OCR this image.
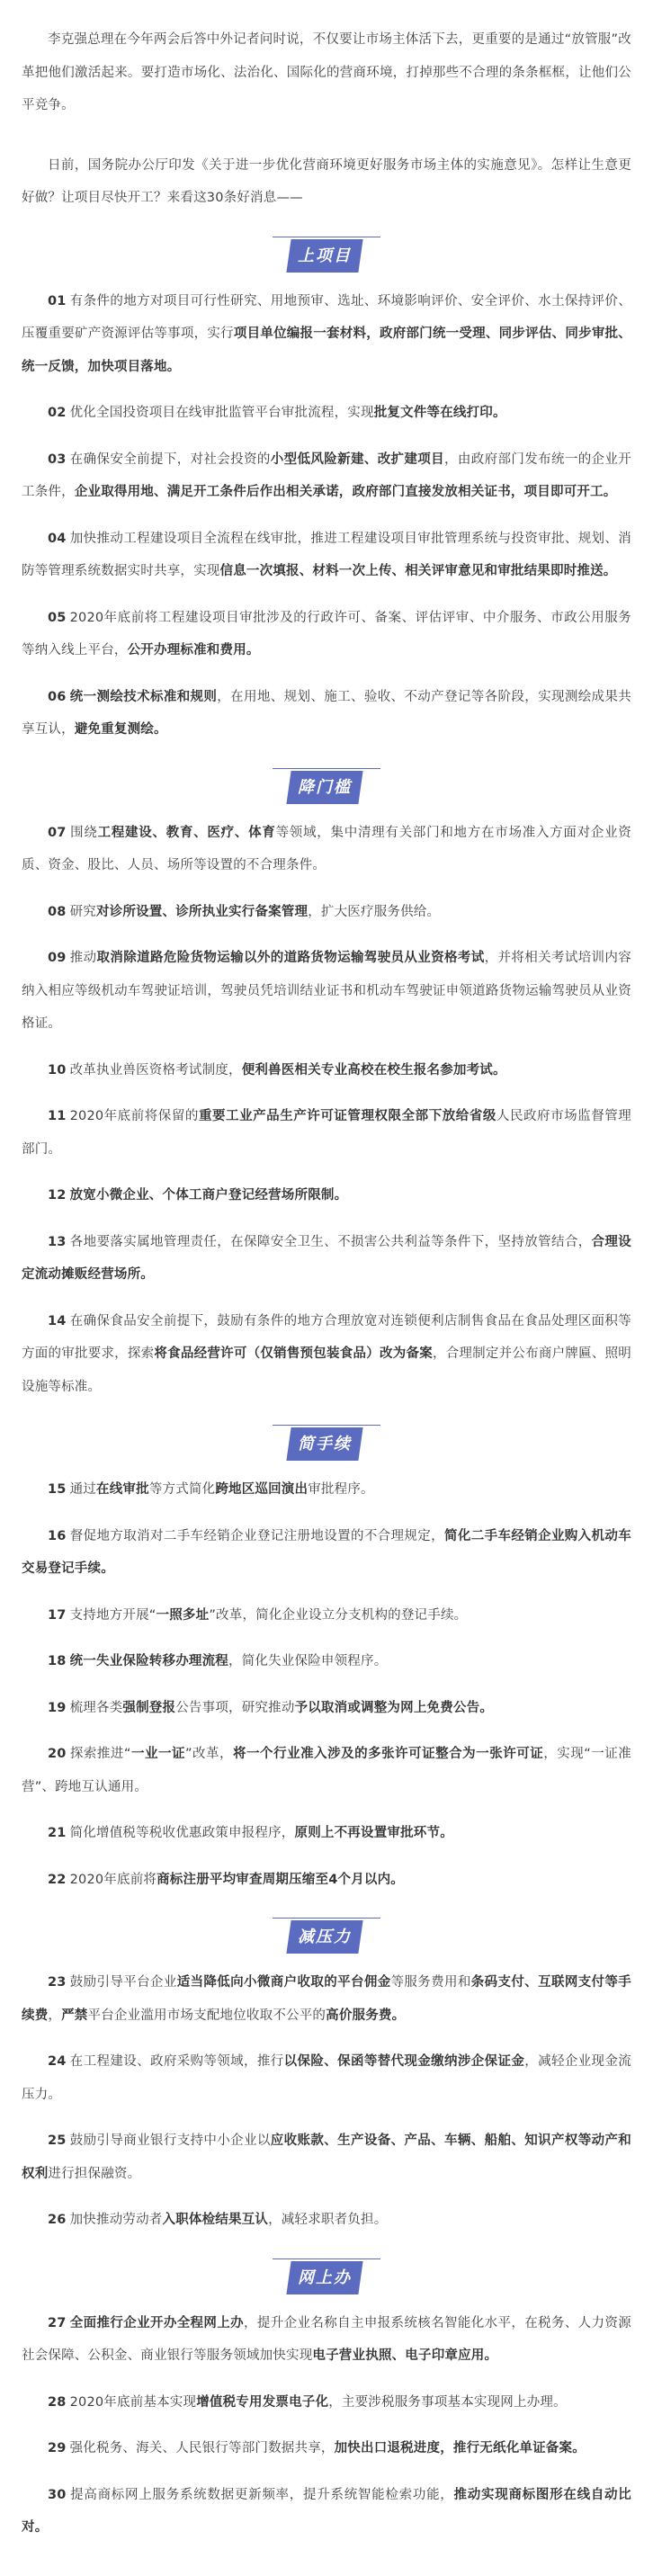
李克强总理在今年两会后答中外记者问时说，不仅要让市场主体活下去，更重要的是通过“放管服”改革把他们激活起来。要打造市场化、法治化、国际化的营商环境，打掉那些不合理的条条框框，让他们公平竞争。

日前，国务院办公厅印发《关于进一步优化营商环境更好服务市场主体的实施意见》。怎样让生意更好做？让项目尽快开工？来看这30条好消息——

上项目

01 有条件的地方对项目可行性研究、用地预审、选址、环境影响评价、安全评价、水土保持评价、压覆重要矿产资源评估等事项，实行项目单位编报一套材料，政府部门统一受理、同步评估、同步审批、统一反馈，加快项目落地。

02 优化全国投资项目在线审批监管平台审批流程，实现批复文件等在线打印。

03 在确保安全前提下，对社会投资的小型低风险新建、改扩建项目，由政府部门发布统一的企业开工条件，企业取得用地、满足开工条件后作出相关承诺，政府部门直接发放相关证书，项目即可开工。

04 加快推动工程建设项目全流程在线审批，推进工程建设项目审批管理系统与投资审批、规划、消防等管理系统数据实时共享，实现信息一次填报、材料一次上传、相关评审意见和审批结果即时推送。

05 2020年底前将工程建设项目审批涉及的行政许可、备案、评估评审、中介服务、市政公用服务等纳入线上平台，公开办理标准和费用。

06 统一测绘技术标准和规则，在用地、规划、施工、验收、不动产登记等各阶段，实现测绘成果共享互认，避免重复测绘。

降门槛

07 围绕工程建设、教育、医疗、体育等领域，集中清理有关部门和地方在市场准入方面对企业资质、资金、股比、人员、场所等设置的不合理条件。

08 研究对诊所设置、诊所执业实行备案管理，扩大医疗服务供给。

09 推动取消除道路危险货物运输以外的道路货物运输驾驶员从业资格考试，并将相关考试培训内容纳入相应等级机动车驾驶证培训，驾驶员凭培训结业证书和机动车驾驶证申领道路货物运输驾驶员从业资格证。

10 改革执业兽医资格考试制度，便利兽医相关专业高校在校生报名参加考试。

11 2020年底前将保留的重要工业产品生产许可证管理权限全部下放给省级人民政府市场监督管理部门。

12 放宽小微企业、个体工商户登记经营场所限制。

13 各地要落实属地管理责任，在保障安全卫生、不损害公共利益等条件下，坚持放管结合，合理设定流动摊贩经营场所。

14 在确保食品安全前提下，鼓励有条件的地方合理放宽对连锁便利店制售食品在食品处理区面积等方面的审批要求，探索将食品经营许可（仅销售预包装食品）改为备案，合理制定并公布商户牌匾、照明设施等标准。

简手续

15 通过在线审批等方式简化跨地区巡回演出审批程序。

16 督促地方取消对二手车经销企业登记注册地设置的不合理规定，简化二手车经销企业购入机动车交易登记手续。

17 支持地方开展“一照多址”改革，简化企业设立分支机构的登记手续。

18 统一失业保险转移办理流程，简化失业保险申领程序。

19 梳理各类强制登报公告事项，研究推动予以取消或调整为网上免费公告。

20 探索推进“一业一证”改革，将一个行业准入涉及的多张许可证整合为一张许可证，实现“一证准营”、跨地互认通用。

21 简化增值税等税收优惠政策申报程序，原则上不再设置审批环节。

22 2020年底前将商标注册平均审查周期压缩至4个月以内。

减压力

23 鼓励引导平台企业适当降低向小微商户收取的平台佣金等服务费用和条码支付、互联网支付等手续费，严禁平台企业滥用市场支配地位收取不公平的高价服务费。

24 在工程建设、政府采购等领域，推行以保险、保函等替代现金缴纳涉企保证金，减轻企业现金流压力。

25 鼓励引导商业银行支持中小企业以应收账款、生产设备、产品、车辆、船舶、知识产权等动产和权利进行担保融资。

26 加快推动劳动者入职体检结果互认，减轻求职者负担。

网上办

27 全面推行企业开办全程网上办，提升企业名称自主申报系统核名智能化水平，在税务、人力资源社会保障、公积金、商业银行等服务领域加快实现电子营业执照、电子印章应用。

28 2020年底前基本实现增值税专用发票电子化，主要涉税服务事项基本实现网上办理。

29 强化税务、海关、人民银行等部门数据共享，加快出口退税进度，推行无纸化单证备案。

30 提高商标网上服务系统数据更新频率，提升系统智能检索功能，推动实现商标图形在线自动比对。
